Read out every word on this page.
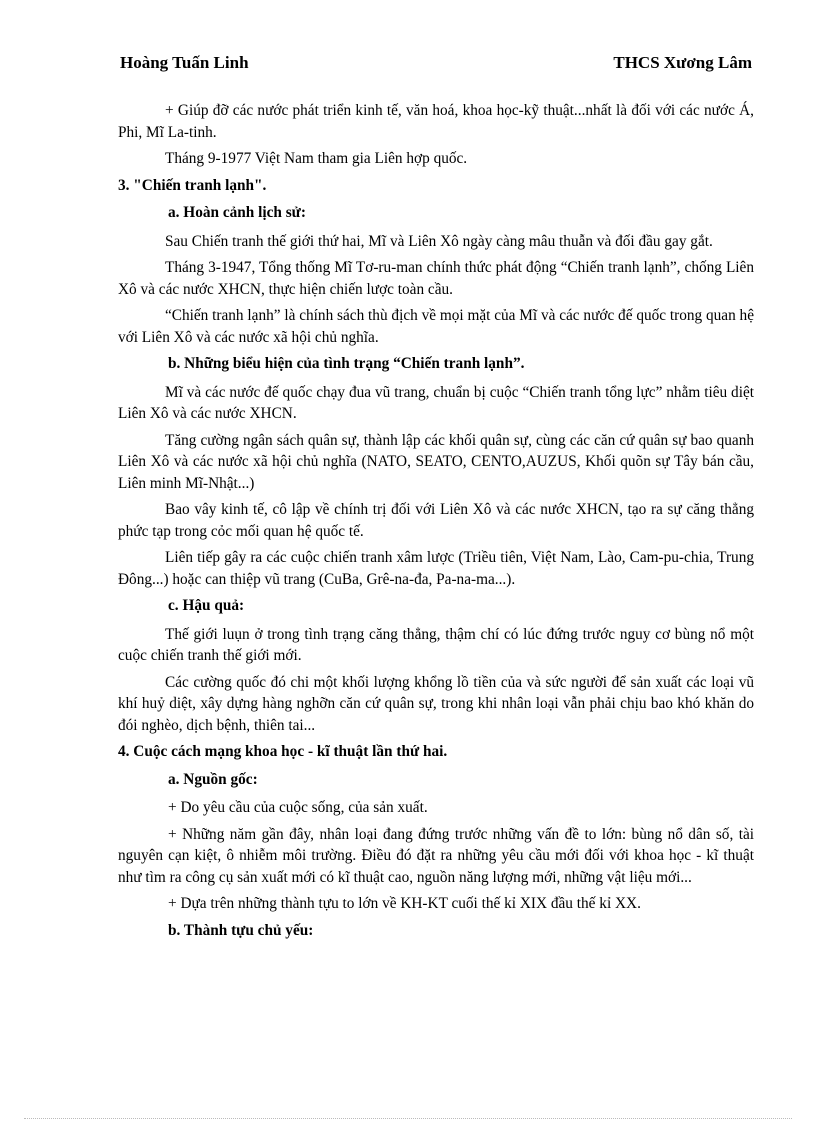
Hoàng Tuấn Linh	THCS Xương Lâm
+ Giúp đỡ các nước phát triển kinh tế, văn hoá, khoa học-kỹ thuật...nhất là đối với các nước Á, Phi, Mĩ La-tinh.
Tháng 9-1977 Việt Nam tham gia Liên hợp quốc.
3. "Chiến tranh lạnh".
a. Hoàn cảnh lịch sử:
Sau Chiến tranh thế giới thứ hai, Mĩ và Liên Xô ngày càng mâu thuẫn và đối đầu gay gắt.
Tháng 3-1947, Tổng thống Mĩ Tơ-ru-man chính thức phát động “Chiến tranh lạnh”, chống Liên Xô và các nước XHCN, thực hiện chiến lược toàn cầu.
“Chiến tranh lạnh” là chính sách thù địch về mọi mặt của Mĩ và các nước đế quốc trong quan hệ với Liên Xô và các nước xã hội chủ nghĩa.
b. Những biểu hiện của tình trạng “Chiến tranh lạnh”.
Mĩ và các nước đế quốc chạy đua vũ trang, chuẩn bị cuộc “Chiến tranh tổng lực” nhằm tiêu diệt Liên Xô và các nước XHCN.
Tăng cường ngân sách quân sự, thành lập các khối quân sự, cùng các căn cứ quân sự bao quanh Liên Xô và các nước xã hội chủ nghĩa (NATO, SEATO, CENTO,AUZUS, Khối quõn sự Tây bán cầu, Liên minh Mĩ-Nhật...)
Bao vây kinh tế, cô lập về chính trị đối với Liên Xô và các nước XHCN, tạo ra sự căng thẳng phức tạp trong cỏc mối quan hệ quốc tế.
Liên tiếp gây ra các cuộc chiến tranh xâm lược (Triều tiên, Việt Nam, Lào, Cam-pu-chia, Trung Đông...) hoặc can thiệp vũ trang (CuBa, Grê-na-đa, Pa-na-ma...).
c. Hậu quả:
Thế giới luụn ở trong tình trạng căng thẳng, thậm chí có lúc đứng trước nguy cơ bùng nổ một cuộc chiến tranh thế giới mới.
Các cường quốc đó chi một khối lượng khổng lồ tiền của và sức người để sản xuất các loại vũ khí huỷ diệt, xây dựng hàng nghỡn căn cứ quân sự, trong khi nhân loại vẫn phải chịu bao khó khăn do đói nghèo, dịch bệnh, thiên tai...
4. Cuộc cách mạng khoa học - kĩ thuật lần thứ hai.
a. Nguồn gốc:
+ Do yêu cầu của cuộc sống, của sản xuất.
+ Những năm gần đây, nhân loại đang đứng trước những vấn đề to lớn: bùng nổ dân số, tài nguyên cạn kiệt, ô nhiễm môi trường. Điều đó đặt ra những yêu cầu mới đối với khoa học - kĩ thuật như tìm ra công cụ sản xuất mới có kĩ thuật cao, nguồn năng lượng mới, những vật liệu mới...
+ Dựa trên những thành tựu to lớn về KH-KT cuối thế kỉ XIX đầu thế kỉ XX.
b. Thành tựu chủ yếu:
